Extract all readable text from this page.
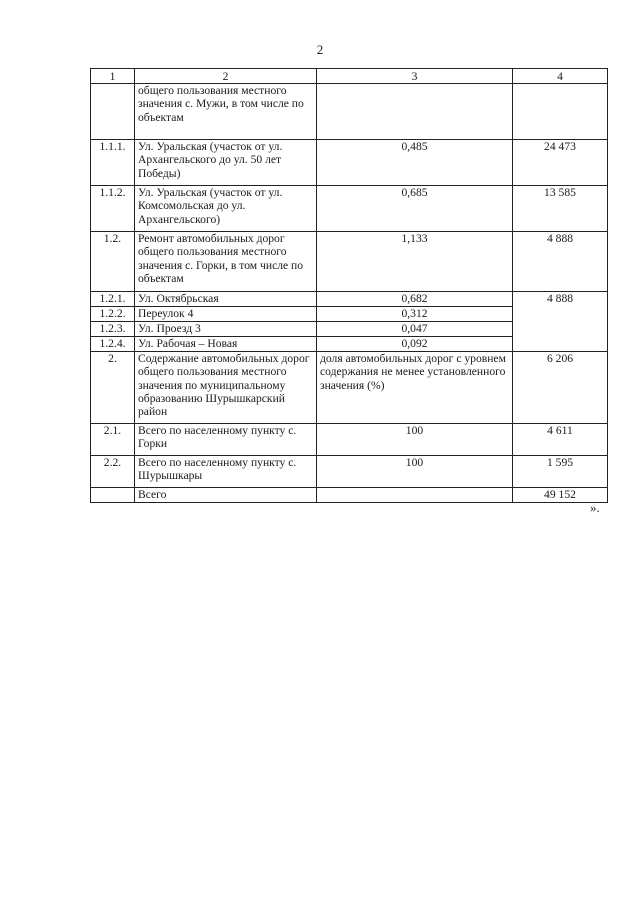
2
1	2	3	4
	общего пользования местного значения с. Мужи, в том числе по объектам		
1.1.1.	Ул. Уральская (участок от ул. Архангельского до ул. 50 лет Победы)	0,485	24 473
1.1.2.	Ул. Уральская (участок от ул. Комсомольская до ул. Архангельского)	0,685	13 585
1.2.	Ремонт автомобильных дорог общего пользования местного значения с. Горки, в том числе по объектам	1,133	4 888
1.2.1.	Ул. Октябрьская	0,682	4 888
1.2.2.	Переулок 4	0,312	
1.2.3.	Ул. Проезд 3	0,047	
1.2.4.	Ул. Рабочая – Новая	0,092	
2.	Содержание автомобильных дорог общего пользования местного значения по муниципальному образованию Шурышкарский район	доля автомобильных дорог с уровнем содержания не менее установленного значения (%)	6 206
2.1.	Всего по населенному пункту с. Горки	100	4 611
2.2.	Всего по населенному пункту с. Шурышкары	100	1 595
	Всего		49 152
».
